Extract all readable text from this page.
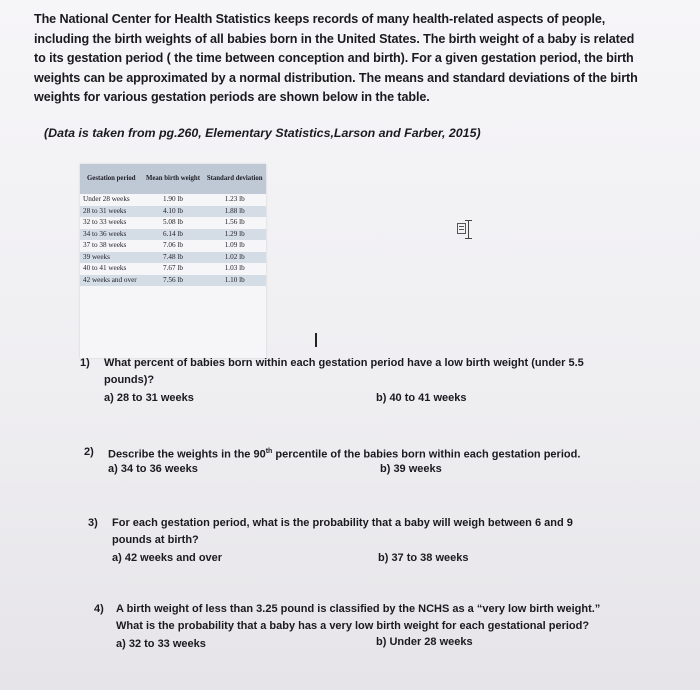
The National Center for Health Statistics keeps records of many health-related aspects of people,
including the birth weights of all babies born in the United States. The birth weight of a baby is related
to its gestation period ( the time between conception and birth). For a given gestation period, the birth
weights can be approximated by a normal distribution. The means and standard deviations of the birth
weights for various gestation periods are shown below in the table.
(Data is taken from pg.260, Elementary Statistics,Larson and Farber, 2015)
Gestation period	Mean birth weight	Standard deviation
Under 28 weeks	1.90 lb	1.23 lb
28 to 31 weeks	4.10 lb	1.88 lb
32 to 33 weeks	5.08 lb	1.56 lb
34 to 36 weeks	6.14 lb	1.29 lb
37 to 38 weeks	7.06 lb	1.09 lb
39 weeks	7.48 lb	1.02 lb
40 to 41 weeks	7.67 lb	1.03 lb
42 weeks and over	7.56 lb	1.10 lb
1) What percent of babies born within each gestation period have a low birth weight (under 5.5
pounds)?
a) 28 to 31 weeks	b) 40 to 41 weeks
2) Describe the weights in the 90th percentile of the babies born within each gestation period.
a) 34 to 36 weeks	b) 39 weeks
3) For each gestation period, what is the probability that a baby will weigh between 6 and 9
pounds at birth?
a) 42 weeks and over	b) 37 to 38 weeks
4) A birth weight of less than 3.25 pound is classified by the NCHS as a “very low birth weight.”
What is the probability that a baby has a very low birth weight for each gestational period?
a) 32 to 33 weeks	b) Under 28 weeks
